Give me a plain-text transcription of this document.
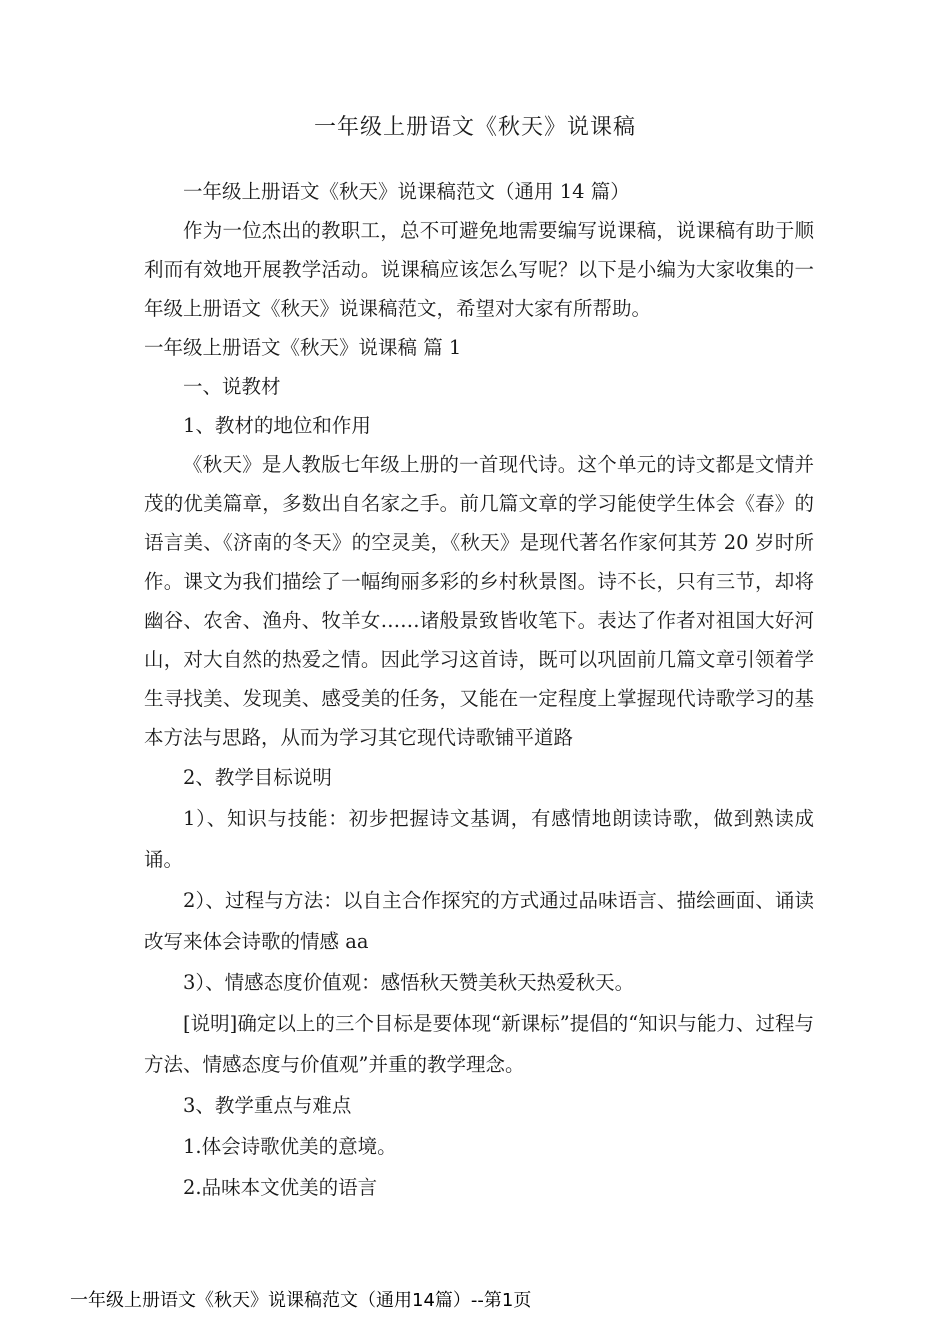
一年级上册语文《秋天》说课稿

一年级上册语文《秋天》说课稿范文（通用 14 篇）

作为一位杰出的教职工，总不可避免地需要编写说课稿，说课稿有助于顺利而有效地开展教学活动。说课稿应该怎么写呢？以下是小编为大家收集的一年级上册语文《秋天》说课稿范文，希望对大家有所帮助。

一年级上册语文《秋天》说课稿 篇 1

一、说教材

1、教材的地位和作用

《秋天》是人教版七年级上册的一首现代诗。这个单元的诗文都是文情并茂的优美篇章，多数出自名家之手。前几篇文章的学习能使学生体会《春》的语言美、《济南的冬天》的空灵美，《秋天》是现代著名作家何其芳 20 岁时所作。课文为我们描绘了一幅绚丽多彩的乡村秋景图。诗不长，只有三节，却将幽谷、农舍、渔舟、牧羊女……诸般景致皆收笔下。表达了作者对祖国大好河山，对大自然的热爱之情。因此学习这首诗，既可以巩固前几篇文章引领着学生寻找美、发现美、感受美的任务，又能在一定程度上掌握现代诗歌学习的基本方法与思路，从而为学习其它现代诗歌铺平道路

2、教学目标说明

1）、知识与技能：初步把握诗文基调，有感情地朗读诗歌，做到熟读成诵。

2）、过程与方法：以自主合作探究的方式通过品味语言、描绘画面、诵读改写来体会诗歌的情感 aa

3）、情感态度价值观：感悟秋天赞美秋天热爱秋天。

[说明]确定以上的三个目标是要体现“新课标”提倡的“知识与能力、过程与方法、情感态度与价值观”并重的教学理念。

3、教学重点与难点

1.体会诗歌优美的意境。

2.品味本文优美的语言

一年级上册语文《秋天》说课稿范文（通用14篇）--第1页
